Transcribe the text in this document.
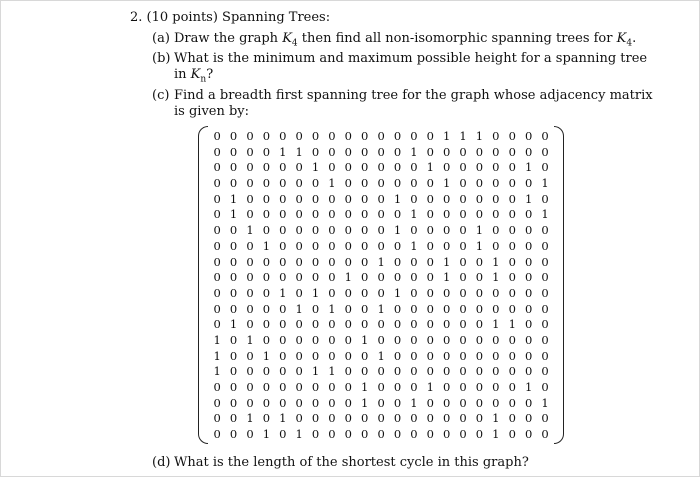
2. (10 points) Spanning Trees:
(a) Draw the graph $K_4$ then find all non-isomorphic spanning trees for $K_4$.
(b) What is the minimum and maximum possible height for a spanning tree
in $K_n$?
(c) Find a breadth first spanning tree for the graph whose adjacency matrix
is given by:
0 0 0 0 0 0 0 0 0 0 0 0 0 0 1 1 1 0 0 0 0
0 0 0 0 1 1 0 0 0 0 0 0 1 0 0 0 0 0 0 0 0
0 0 0 0 0 0 1 0 0 0 0 0 0 1 0 0 0 0 0 1 0
0 0 0 0 0 0 0 1 0 0 0 0 0 0 1 0 0 0 0 0 1
0 1 0 0 0 0 0 0 0 0 0 1 0 0 0 0 0 0 0 1 0
0 1 0 0 0 0 0 0 0 0 0 0 1 0 0 0 0 0 0 0 1
0 0 1 0 0 0 0 0 0 0 0 1 0 0 0 0 1 0 0 0 0
0 0 0 1 0 0 0 0 0 0 0 0 1 0 0 0 1 0 0 0 0
0 0 0 0 0 0 0 0 0 0 1 0 0 0 1 0 0 1 0 0 0
0 0 0 0 0 0 0 0 1 0 0 0 0 0 1 0 0 1 0 0 0
0 0 0 0 1 0 1 0 0 0 0 1 0 0 0 0 0 0 0 0 0
0 0 0 0 0 1 0 1 0 0 1 0 0 0 0 0 0 0 0 0 0
0 1 0 0 0 0 0 0 0 0 0 0 0 0 0 0 0 1 1 0 0
1 0 1 0 0 0 0 0 0 1 0 0 0 0 0 0 0 0 0 0 0
1 0 0 1 0 0 0 0 0 0 1 0 0 0 0 0 0 0 0 0 0
1 0 0 0 0 0 1 1 0 0 0 0 0 0 0 0 0 0 0 0 0
0 0 0 0 0 0 0 0 0 1 0 0 0 1 0 0 0 0 0 1 0
0 0 0 0 0 0 0 0 0 1 0 0 1 0 0 0 0 0 0 0 1
0 0 1 0 1 0 0 0 0 0 0 0 0 0 0 0 0 1 0 0 0
0 0 0 1 0 1 0 0 0 0 0 0 0 0 0 0 0 1 0 0 0
(d) What is the length of the shortest cycle in this graph?
